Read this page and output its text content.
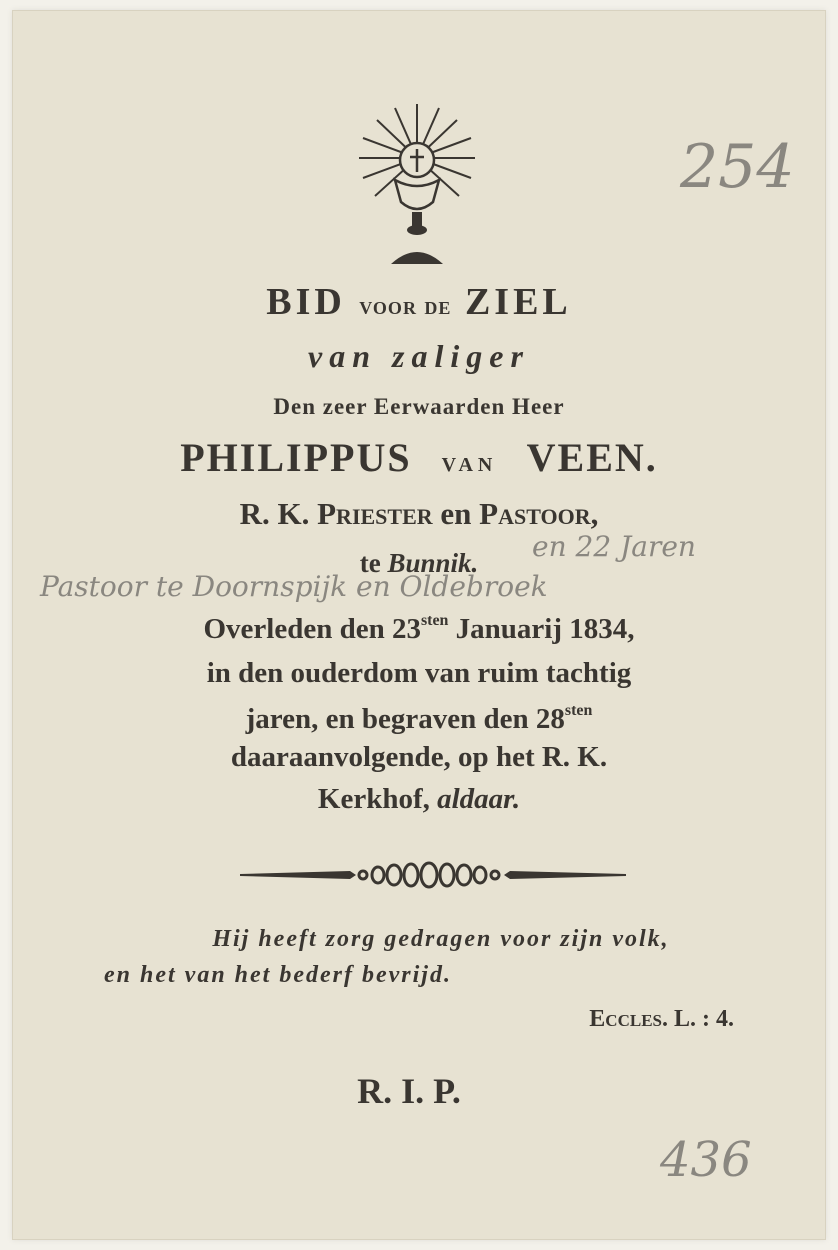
BID voor de ZIEL
van zaliger
Den zeer Eerwaarden Heer
PHILIPPUS van VEEN.
R. K. Priester en Pastoor,
te Bunnik.
Overleden den $23^{sten}$ Januarij 1834,
in den ouderdom van ruim tachtig
jaren, en begraven den $28^{sten}$
daaraanvolgende, op het R. K.
Kerkhof, aldaar.
Hij heeft zorg gedragen voor zijn volk,
en het van het bederf bevrijd.
Eccles. L. : 4.
R. I. P.
254
en 22 Jaren
Pastoor te Doornspijk en Oldebroek
436
